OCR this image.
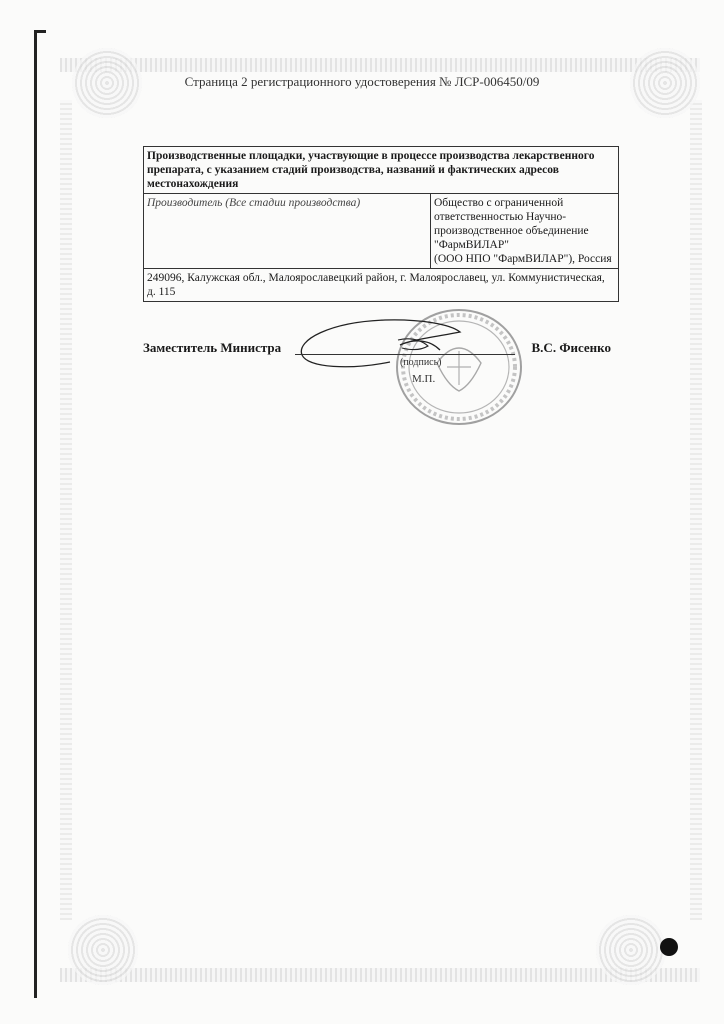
Страница 2 регистрационного удостоверения № ЛСР-006450/09
Производственные площадки, участвующие в процессе производства лекарственного препарата, с указанием стадий производства, названий и фактических адресов местонахождения
Производитель (Все стадии производства)	Общество с ограниченной
ответственностью Научно-
производственное объединение
"ФармВИЛАР"
(ООО НПО "ФармВИЛАР"), Россия

249096, Калужская обл., Малоярославецкий район, г. Малоярославец, ул. Коммунистическая, д. 115
Заместитель Министра	В.С. Фисенко
(подпись)
М.П.
